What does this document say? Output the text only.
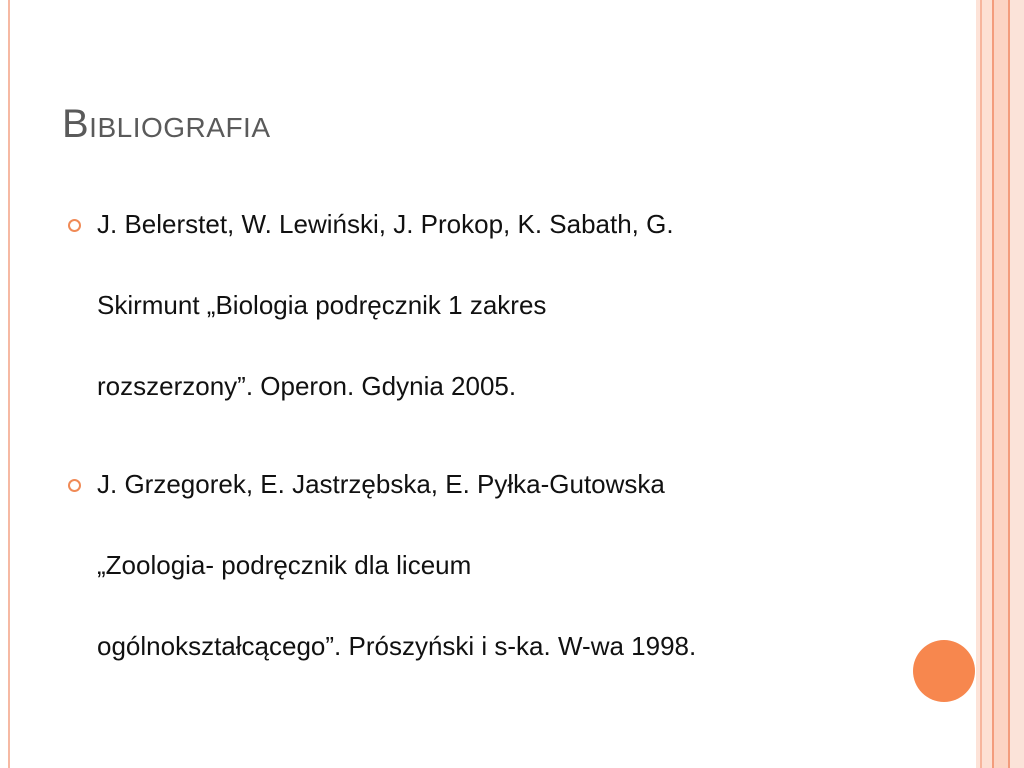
Bibliografia
J. Belerstet, W. Lewiński, J. Prokop, K. Sabath, G.
Skirmunt „Biologia podręcznik 1 zakres
rozszerzony”. Operon. Gdynia 2005.
J. Grzegorek, E. Jastrzębska, E. Pyłka-Gutowska
„Zoologia- podręcznik dla liceum
ogólnokształcącego”. Prószyński i s-ka. W-wa 1998.
